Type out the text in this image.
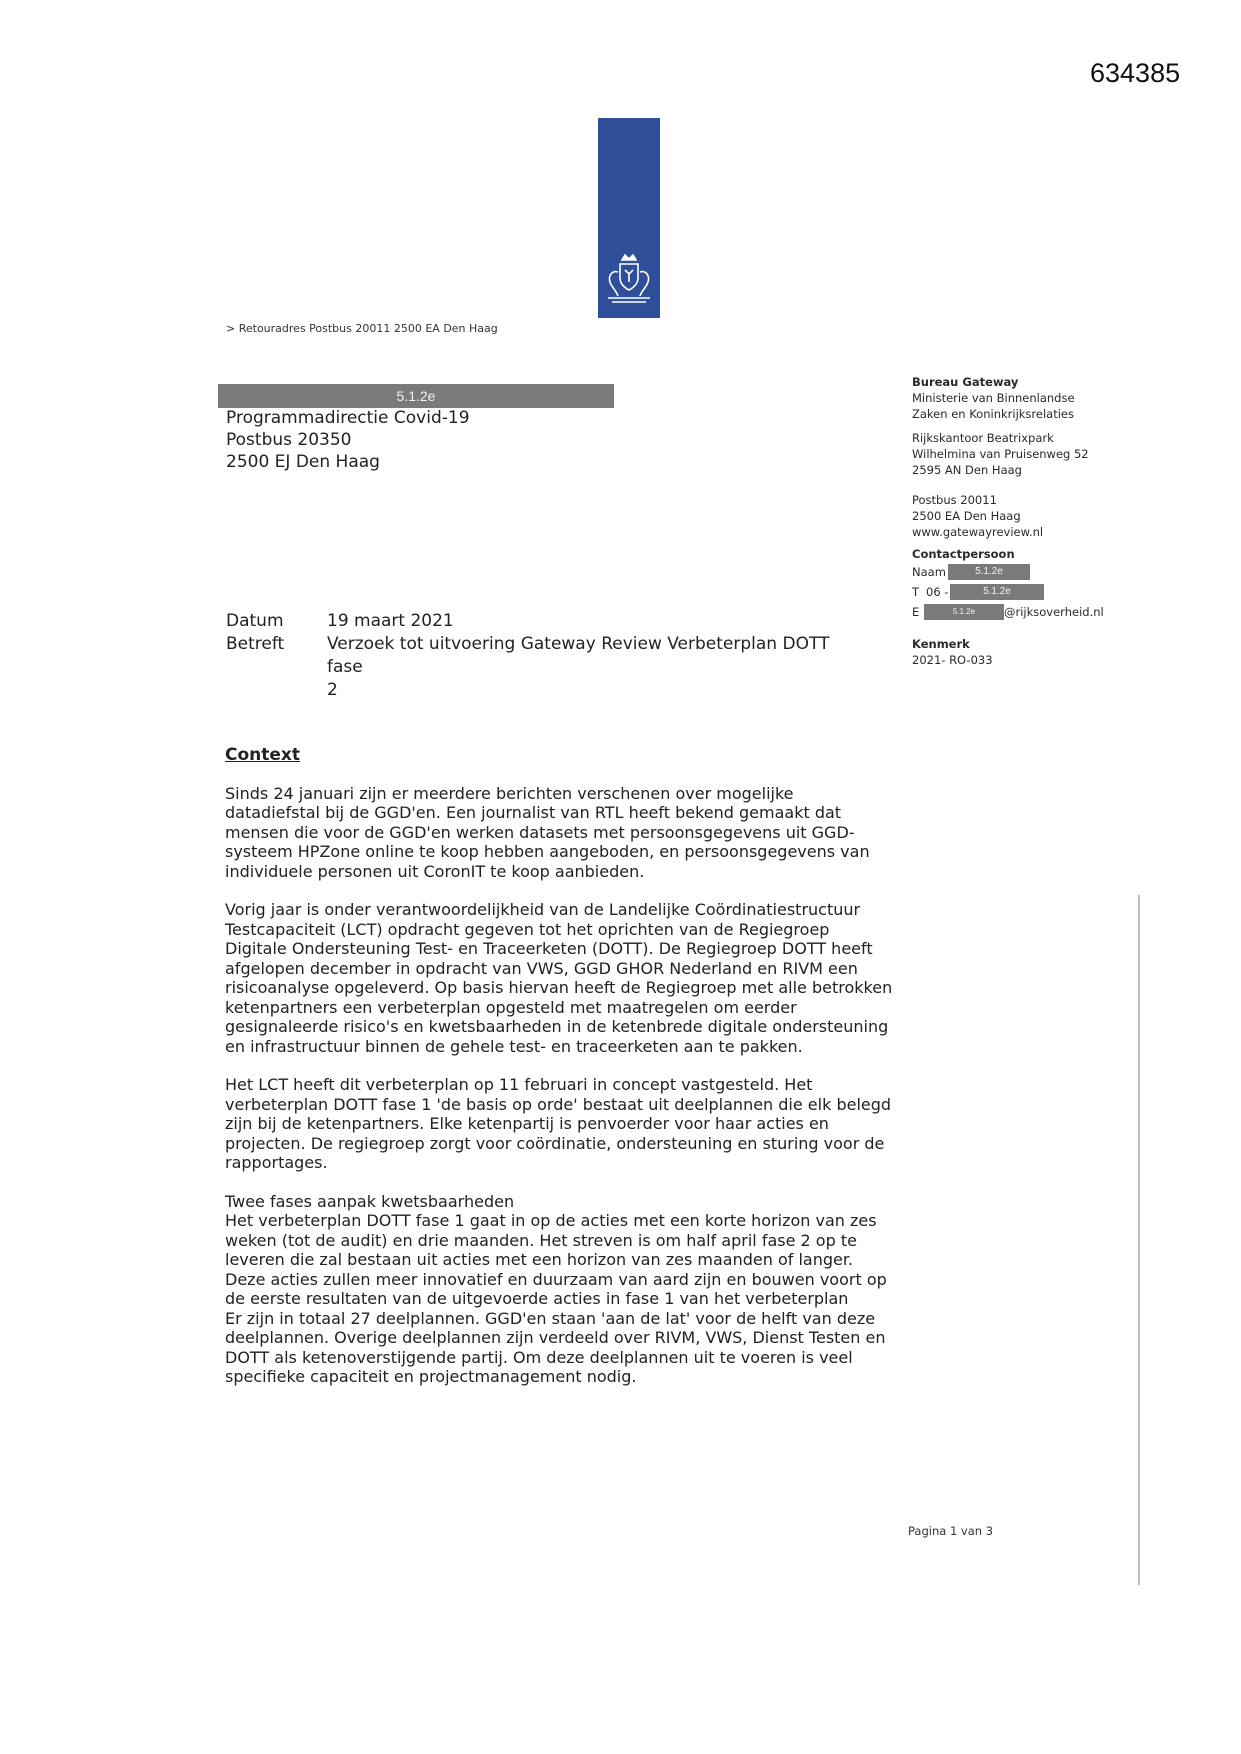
634385
> Retouradres Postbus 20011 2500 EA Den Haag
5.1.2e
Programmadirectie Covid-19
Postbus 20350
2500 EJ Den Haag
Bureau Gateway
Ministerie van Binnenlandse
Zaken en Koninkrijksrelaties
Rijkskantoor Beatrixpark
Wilhelmina van Pruisenweg 52
2595 AN Den Haag
Postbus 20011
2500 EA Den Haag
www.gatewayreview.nl
Contactpersoon
Naam	5.1.2e
T 06 -	5.1.2e
E	5.1.2e	@rijksoverheid.nl
Kenmerk
2021- RO-033
Datum	19 maart 2021
Betreft	Verzoek tot uitvoering Gateway Review Verbeterplan DOTT fase
2
Context
Sinds 24 januari zijn er meerdere berichten verschenen over mogelijke
datadiefstal bij de GGD'en. Een journalist van RTL heeft bekend gemaakt dat
mensen die voor de GGD'en werken datasets met persoonsgegevens uit GGD-
systeem HPZone online te koop hebben aangeboden, en persoonsgegevens van
individuele personen uit CoronIT te koop aanbieden.
Vorig jaar is onder verantwoordelijkheid van de Landelijke Coördinatiestructuur
Testcapaciteit (LCT) opdracht gegeven tot het oprichten van de Regiegroep
Digitale Ondersteuning Test- en Traceerketen (DOTT). De Regiegroep DOTT heeft
afgelopen december in opdracht van VWS, GGD GHOR Nederland en RIVM een
risicoanalyse opgeleverd. Op basis hiervan heeft de Regiegroep met alle betrokken
ketenpartners een verbeterplan opgesteld met maatregelen om eerder
gesignaleerde risico's en kwetsbaarheden in de ketenbrede digitale ondersteuning
en infrastructuur binnen de gehele test- en traceerketen aan te pakken.
Het LCT heeft dit verbeterplan op 11 februari in concept vastgesteld. Het
verbeterplan DOTT fase 1 'de basis op orde' bestaat uit deelplannen die elk belegd
zijn bij de ketenpartners. Elke ketenpartij is penvoerder voor haar acties en
projecten. De regiegroep zorgt voor coördinatie, ondersteuning en sturing voor de
rapportages.
Twee fases aanpak kwetsbaarheden
Het verbeterplan DOTT fase 1 gaat in op de acties met een korte horizon van zes
weken (tot de audit) en drie maanden. Het streven is om half april fase 2 op te
leveren die zal bestaan uit acties met een horizon van zes maanden of langer.
Deze acties zullen meer innovatief en duurzaam van aard zijn en bouwen voort op
de eerste resultaten van de uitgevoerde acties in fase 1 van het verbeterplan
Er zijn in totaal 27 deelplannen. GGD'en staan 'aan de lat' voor de helft van deze
deelplannen. Overige deelplannen zijn verdeeld over RIVM, VWS, Dienst Testen en
DOTT als ketenoverstijgende partij. Om deze deelplannen uit te voeren is veel
specifieke capaciteit en projectmanagement nodig.
Pagina 1 van 3
